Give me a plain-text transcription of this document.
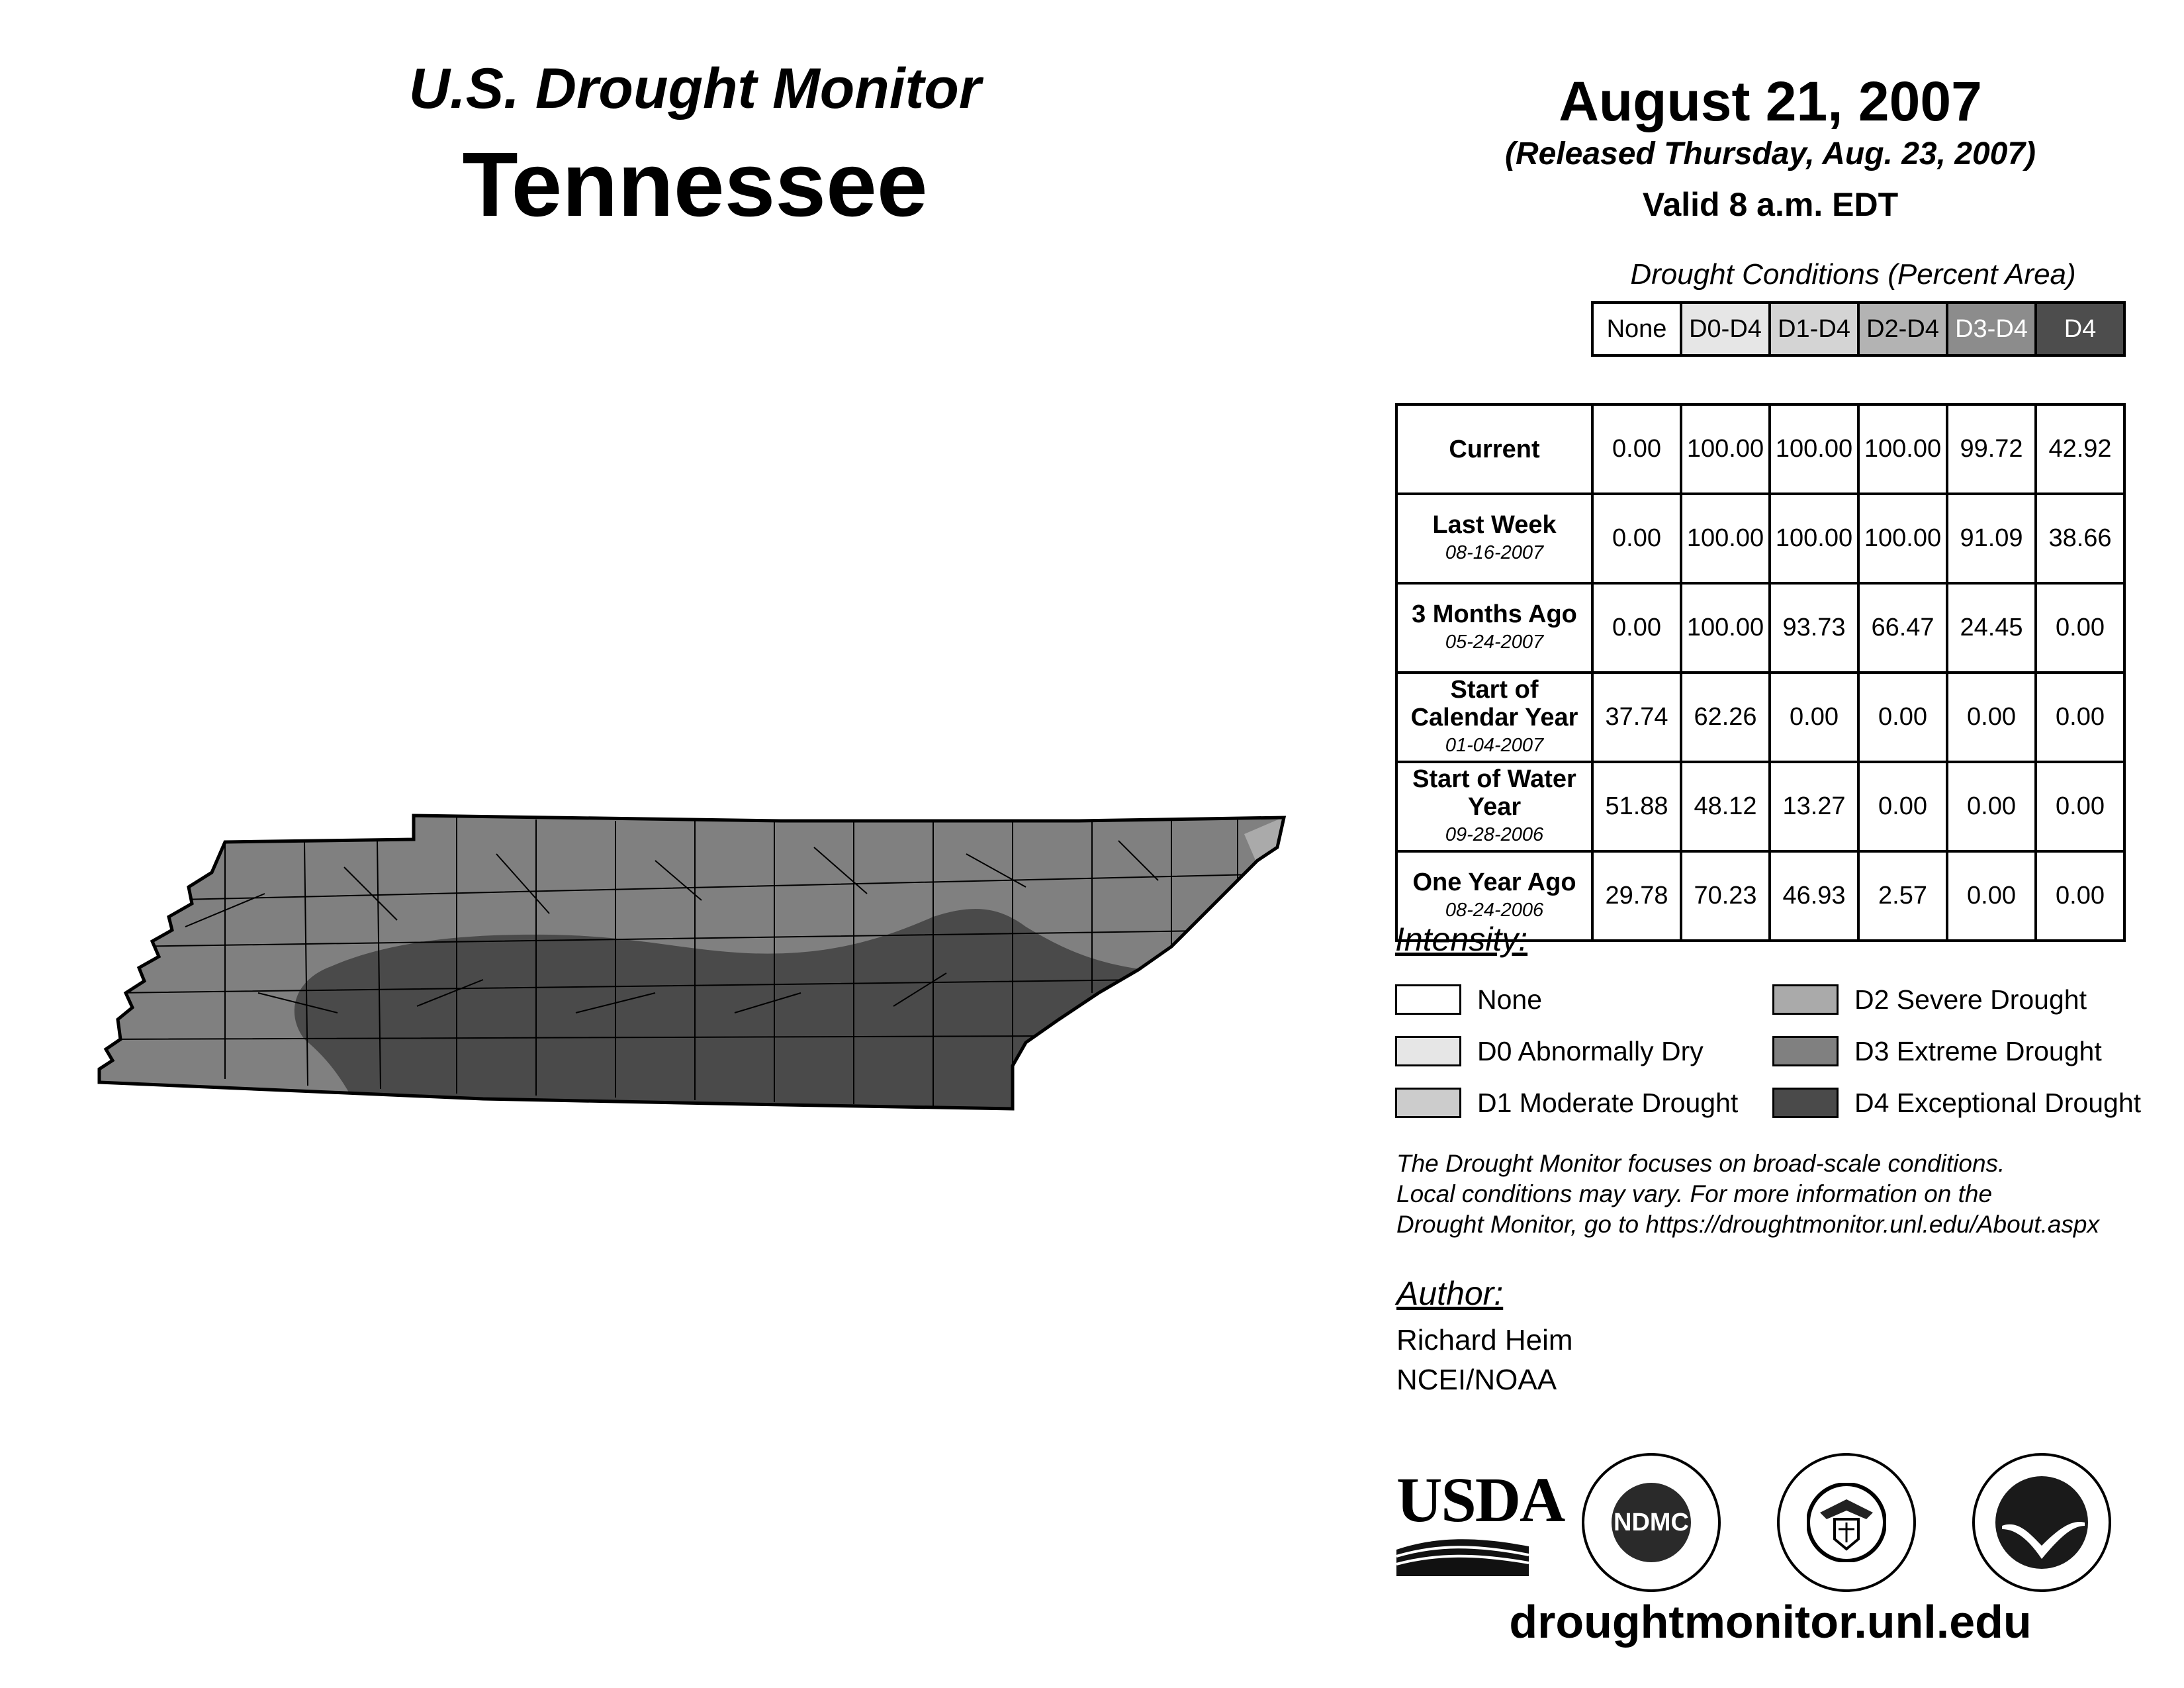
U.S. Drought Monitor
Tennessee
August 21, 2007
(Released Thursday, Aug. 23, 2007)
Valid 8 a.m. EDT
Drought Conditions (Percent Area)
	None	D0-D4	D1-D4	D2-D4	D3-D4	D4

Current	0.00	100.00	100.00	100.00	99.72	42.92
Last Week
08-16-2007	0.00	100.00	100.00	100.00	91.09	38.66
3 Months Ago
05-24-2007	0.00	100.00	93.73	66.47	24.45	0.00
Start of Calendar Year
01-04-2007	37.74	62.26	0.00	0.00	0.00	0.00
Start of Water Year
09-28-2006	51.88	48.12	13.27	0.00	0.00	0.00
One Year Ago
08-24-2006	29.78	70.23	46.93	2.57	0.00	0.00
Intensity:
None
D0 Abnormally Dry
D1 Moderate Drought
D2 Severe Drought
D3 Extreme Drought
D4 Exceptional Drought
The Drought Monitor focuses on broad-scale conditions.
Local conditions may vary. For more information on the
Drought Monitor, go to https://droughtmonitor.unl.edu/About.aspx
Author:
Richard Heim
NCEI/NOAA
USDA NDMC
droughtmonitor.unl.edu
